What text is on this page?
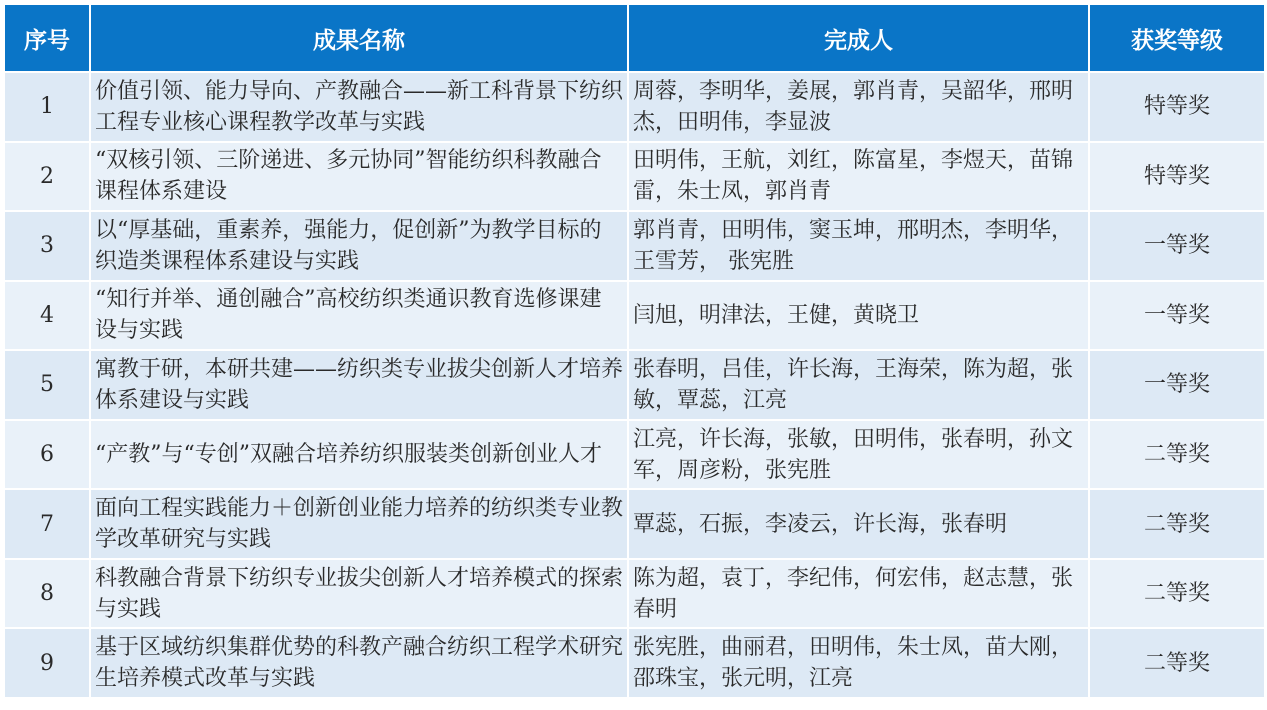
序号	成果名称	完成人	获奖等级
1	价值引领、能力导向、产教融合——新工科背景下纺织工程专业核心课程教学改革与实践	周蓉，李明华，姜展，郭肖青，吴韶华，邢明杰，田明伟，李显波	特等奖
2	“双核引领、三阶递进、多元协同”智能纺织科教融合课程体系建设	田明伟，王航，刘红，陈富星，李煜天，苗锦雷，朱士凤，郭肖青	特等奖
3	以“厚基础，重素养，强能力，促创新”为教学目标的织造类课程体系建设与实践	郭肖青，田明伟，窦玉坤，邢明杰，李明华，王雪芳， 张宪胜	一等奖
4	“知行并举、通创融合”高校纺织类通识教育选修课建设与实践	闫旭，明津法，王健，黄晓卫	一等奖
5	寓教于研，本研共建——纺织类专业拔尖创新人才培养体系建设与实践	张春明，吕佳，许长海，王海荣，陈为超，张敏，覃蕊，江亮	一等奖
6	“产教”与“专创”双融合培养纺织服装类创新创业人才	江亮，许长海，张敏，田明伟，张春明，孙文军，周彦粉，张宪胜	二等奖
7	面向工程实践能力＋创新创业能力培养的纺织类专业教学改革研究与实践	覃蕊，石振，李凌云，许长海，张春明	二等奖
8	科教融合背景下纺织专业拔尖创新人才培养模式的探索与实践	陈为超，袁丁，李纪伟，何宏伟，赵志慧，张春明	二等奖
9	基于区域纺织集群优势的科教产融合纺织工程学术研究生培养模式改革与实践	张宪胜，曲丽君，田明伟，朱士凤，苗大刚，邵珠宝，张元明，江亮	二等奖
